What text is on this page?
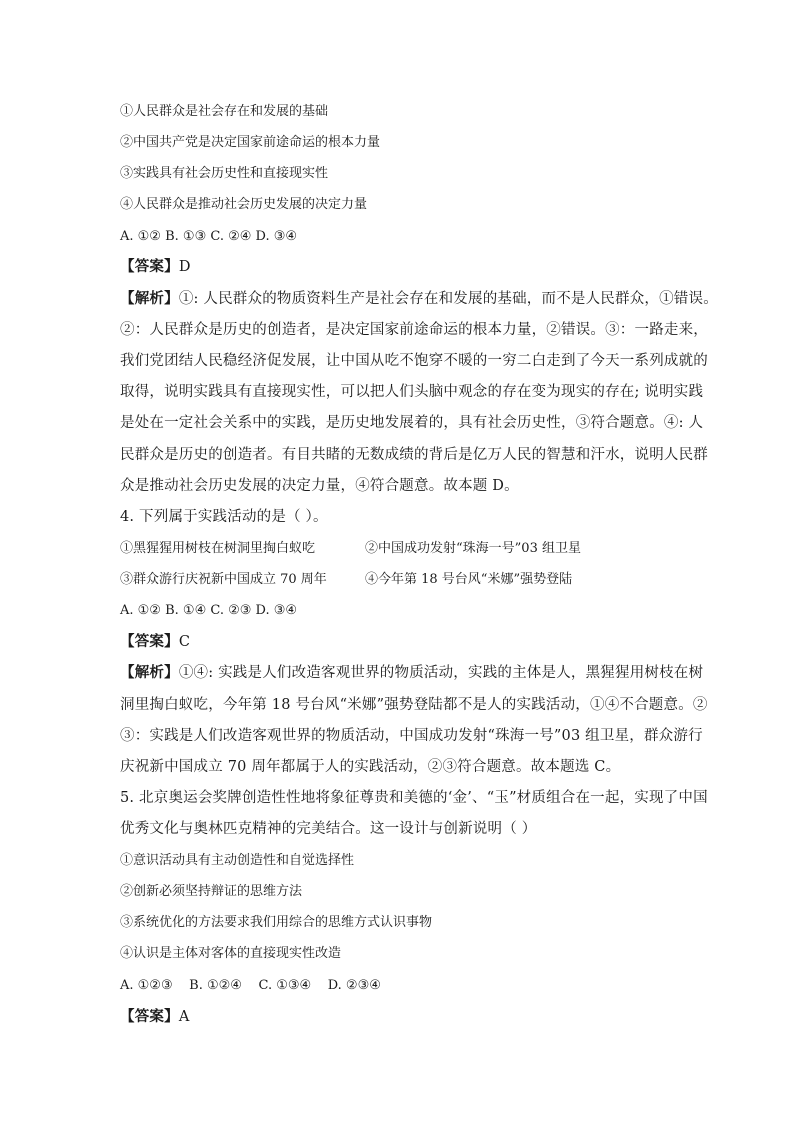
①人民群众是社会存在和发展的基础
②中国共产党是决定国家前途命运的根本力量
③实践具有社会历史性和直接现实性
④人民群众是推动社会历史发展的决定力量
A. ①② B. ①③ C. ②④ D. ③④
【答案】D
【解析】①: 人民群众的物质资料生产是社会存在和发展的基础，而不是人民群众，①错误。
②：人民群众是历史的创造者，是决定国家前途命运的根本力量，②错误。③：一路走来，
我们党团结人民稳经济促发展，让中国从吃不饱穿不暖的一穷二白走到了今天一系列成就的
取得，说明实践具有直接现实性，可以把人们头脑中观念的存在变为现实的存在; 说明实践
是处在一定社会关系中的实践，是历史地发展着的，具有社会历史性，③符合题意。④: 人
民群众是历史的创造者。有目共睹的无数成绩的背后是亿万人民的智慧和汗水，说明人民群
众是推动社会历史发展的决定力量，④符合题意。故本题 D。
4. 下列属于实践活动的是（ ）。
①黑猩猩用树枝在树洞里掏白蚁吃	②中国成功发射“珠海一号”03 组卫星
③群众游行庆祝新中国成立 70 周年	④今年第 18 号台风“米娜”强势登陆
A. ①② B. ①④ C. ②③ D. ③④
【答案】C
【解析】①④: 实践是人们改造客观世界的物质活动，实践的主体是人，黑猩猩用树枝在树
洞里掏白蚁吃，今年第 18 号台风“米娜”强势登陆都不是人的实践活动，①④不合题意。②
③：实践是人们改造客观世界的物质活动，中国成功发射“珠海一号”03 组卫星，群众游行
庆祝新中国成立 70 周年都属于人的实践活动，②③符合题意。故本题选 C。
5. 北京奥运会奖牌创造性性地将象征尊贵和美德的‘金’、“玉”材质组合在一起，实现了中国
优秀文化与奥林匹克精神的完美结合。这一设计与创新说明（ ）
①意识活动具有主动创造性和自觉选择性
②创新必须坚持辩证的思维方法
③系统优化的方法要求我们用综合的思维方式认识事物
④认识是主体对客体的直接现实性改造
A. ①②③    B. ①②④    C. ①③④    D. ②③④
【答案】A
